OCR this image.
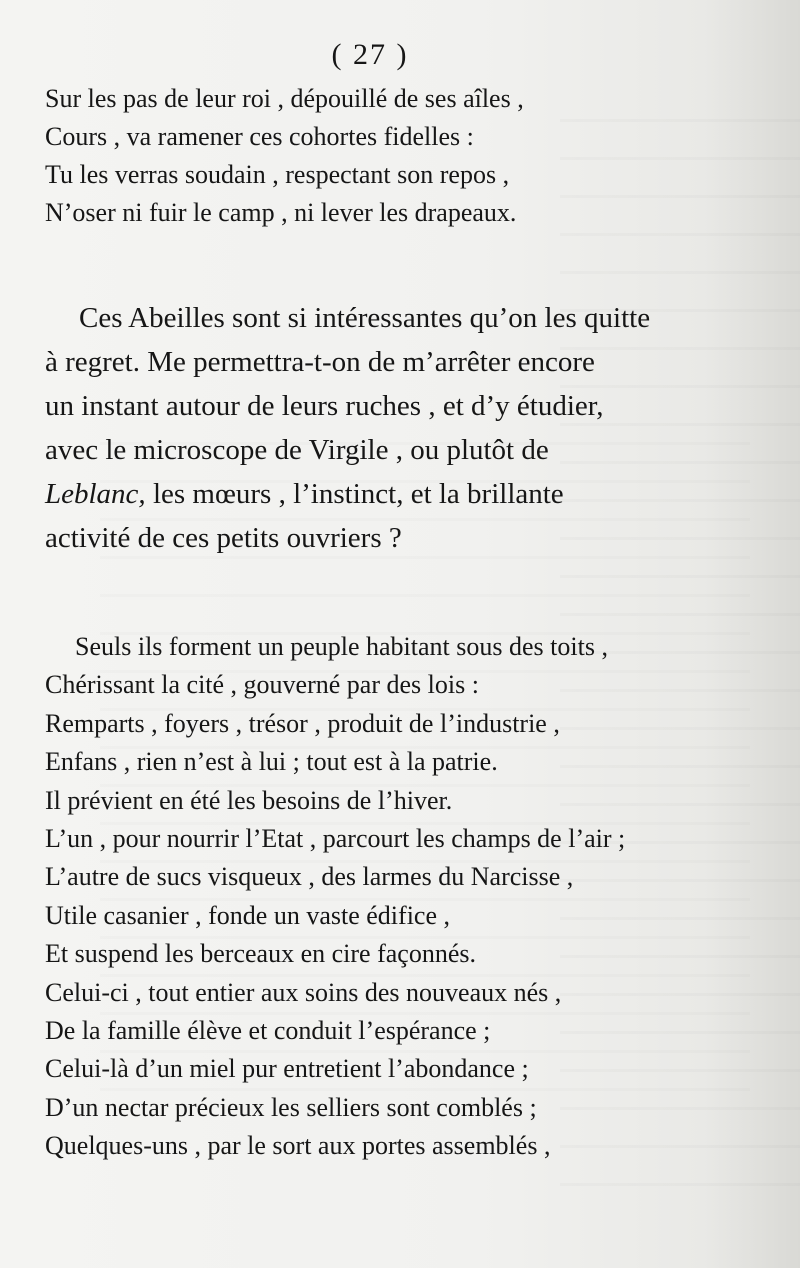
( 27 )
Sur les pas de leur roi , dépouillé de ses aîles ,
Cours , va ramener ces cohortes fidelles :
Tu les verras soudain , respectant son repos ,
N’oser ni fuir le camp , ni lever les drapeaux.
Ces Abeilles sont si intéressantes qu’on les quitte
à regret. Me permettra-t-on de m’arrêter encore
un instant autour de leurs ruches , et d’y étudier,
avec le microscope de Virgile , ou plutôt de
Leblanc, les mœurs , l’instinct, et la brillante
activité de ces petits ouvriers ?
Seuls ils forment un peuple habitant sous des toits ,
Chérissant la cité , gouverné par des lois :
Remparts , foyers , trésor , produit de l’industrie ,
Enfans , rien n’est à lui ; tout est à la patrie.
Il prévient en été les besoins de l’hiver.
L’un , pour nourrir l’Etat , parcourt les champs de l’air ;
L’autre de sucs visqueux , des larmes du Narcisse ,
Utile casanier , fonde un vaste édifice ,
Et suspend les berceaux en cire façonnés.
Celui-ci , tout entier aux soins des nouveaux nés ,
De la famille élève et conduit l’espérance ;
Celui-là d’un miel pur entretient l’abondance ;
D’un nectar précieux les selliers sont comblés ;
Quelques-uns , par le sort aux portes assemblés ,
